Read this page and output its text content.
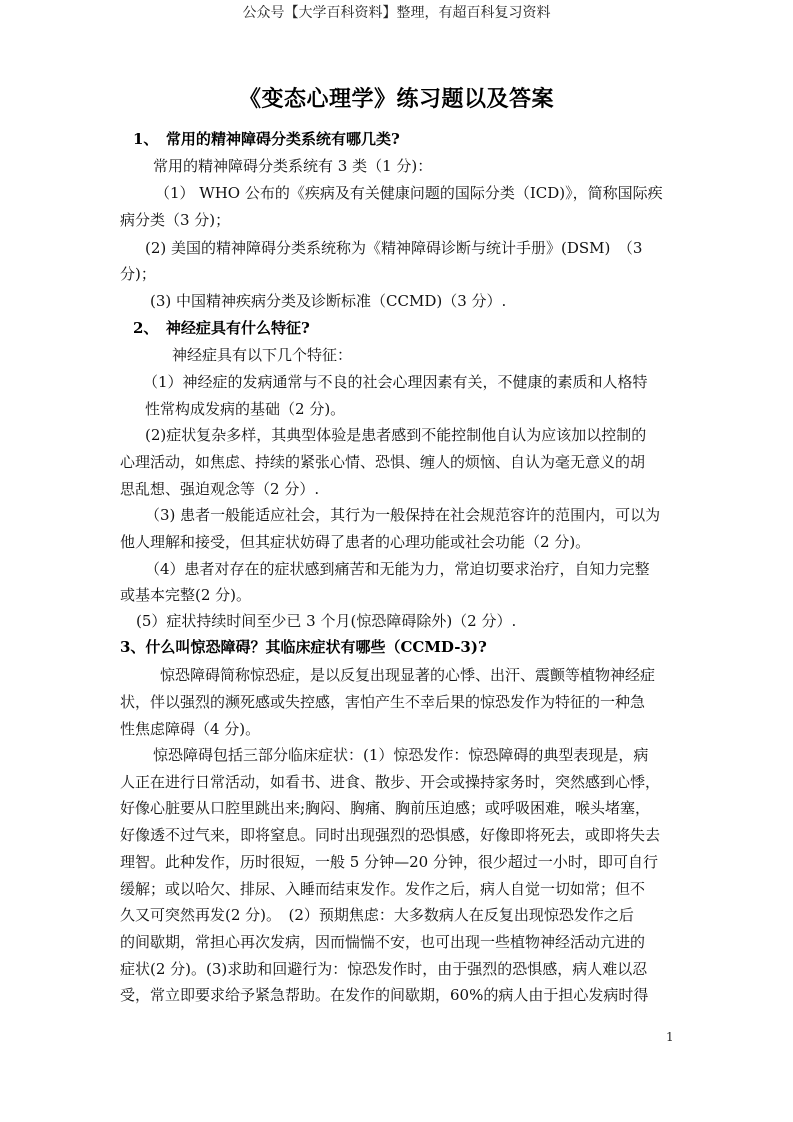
公众号【大学百科资料】整理，有超百科复习资料
《变态心理学》练习题以及答案
1、　常用的精神障碍分类系统有哪几类?
常用的精神障碍分类系统有 3 类（1 分)：
（1） WHO 公布的《疾病及有关健康问题的国际分类（ICD)》，简称国际疾
病分类（3 分)；
(2) 美国的精神障碍分类系统称为《精神障碍诊断与统计手册》(DSM)　（3
分)；
(3) 中国精神疾病分类及诊断标准（CCMD)（3 分）.
2、　神经症具有什么特征?
神经症具有以下几个特征：
（1）神经症的发病通常与不良的社会心理因素有关，不健康的素质和人格特
性常构成发病的基础（2 分)。
(2)症状复杂多样，其典型体验是患者感到不能控制他自认为应该加以控制的
心理活动，如焦虑、持续的紧张心情、恐惧、缠人的烦恼、自认为毫无意义的胡
思乱想、强迫观念等（2 分）.
（3) 患者一般能适应社会，其行为一般保持在社会规范容许的范围内，可以为
他人理解和接受，但其症状妨碍了患者的心理功能或社会功能（2 分)。
（4）患者对存在的症状感到痛苦和无能为力，常迫切要求治疗，自知力完整
或基本完整(2 分)。
(5）症状持续时间至少已 3 个月(惊恐障碍除外)（2 分）.
3、什么叫惊恐障碍？其临床症状有哪些（CCMD-3)?
惊恐障碍简称惊恐症，是以反复出现显著的心悸、出汗、震颤等植物神经症
状，伴以强烈的濒死感或失控感，害怕产生不幸后果的惊恐发作为特征的一种急
性焦虑障碍（4 分)。
惊恐障碍包括三部分临床症状：(1）惊恐发作：惊恐障碍的典型表现是，病
人正在进行日常活动，如看书、进食、散步、开会或操持家务时，突然感到心悸，
好像心脏要从口腔里跳出来;胸闷、胸痛、胸前压迫感；或呼吸困难，喉头堵塞，
好像透不过气来，即将窒息。同时出现强烈的恐惧感，好像即将死去，或即将失去
理智。此种发作，历时很短，一般 5 分钟—20 分钟，很少超过一小时，即可自行
缓解；或以哈欠、排尿、入睡而结束发作。发作之后，病人自觉一切如常；但不
久又可突然再发(2 分)。　(2）预期焦虑：大多数病人在反复出现惊恐发作之后
的间歇期，常担心再次发病，因而惴惴不安，也可出现一些植物神经活动亢进的
症状(2 分)。(3)求助和回避行为：惊恐发作时，由于强烈的恐惧感，病人难以忍
受，常立即要求给予紧急帮助。在发作的间歇期，60%的病人由于担心发病时得
1
